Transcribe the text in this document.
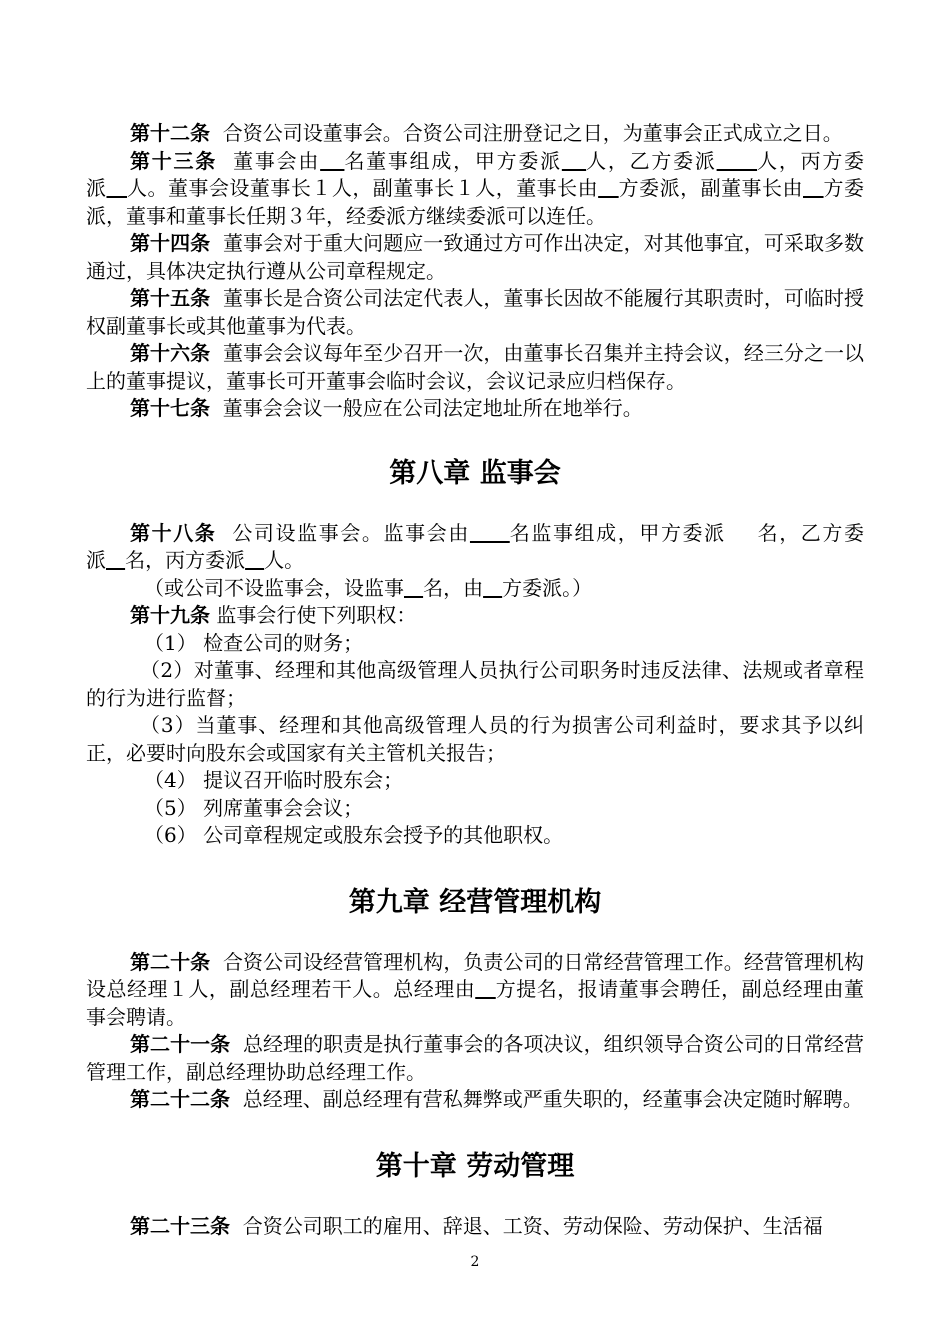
第十二条 合资公司设董事会。合资公司注册登记之日，为董事会正式成立之日。

第十三条 董事会由 名董事组成，甲方委派 人，乙方委派 人，丙方委派 人。董事会设董事长１人，副董事长１人，董事长由 方委派，副董事长由 方委派，董事和董事长任期３年，经委派方继续委派可以连任。

第十四条 董事会对于重大问题应一致通过方可作出决定，对其他事宜，可采取多数通过，具体决定执行遵从公司章程规定。

第十五条 董事长是合资公司法定代表人，董事长因故不能履行其职责时，可临时授权副董事长或其他董事为代表。

第十六条 董事会会议每年至少召开一次，由董事长召集并主持会议，经三分之一以上的董事提议，董事长可开董事会临时会议，会议记录应归档保存。

第十七条 董事会会议一般应在公司法定地址所在地举行。

第八章 监事会

第十八条 公司设监事会。监事会由 名监事组成，甲方委派 名，乙方委派 名，丙方委派 人。

（或公司不设监事会，设监事 名，由 方委派。）

第十九条 监事会行使下列职权：

（1） 检查公司的财务；

（2）对董事、经理和其他高级管理人员执行公司职务时违反法律、法规或者章程的行为进行监督；

（3）当董事、经理和其他高级管理人员的行为损害公司利益时，要求其予以纠正，必要时向股东会或国家有关主管机关报告；

（4） 提议召开临时股东会；

（5） 列席董事会会议；

（6） 公司章程规定或股东会授予的其他职权。

第九章 经营管理机构

第二十条 合资公司设经营管理机构，负责公司的日常经营管理工作。经营管理机构设总经理１人，副总经理若干人。总经理由 方提名，报请董事会聘任，副总经理由董事会聘请。

第二十一条 总经理的职责是执行董事会的各项决议，组织领导合资公司的日常经营管理工作，副总经理协助总经理工作。

第二十二条 总经理、副总经理有营私舞弊或严重失职的，经董事会决定随时解聘。

第十章 劳动管理

第二十三条 合资公司职工的雇用、辞退、工资、劳动保险、劳动保护、生活福

2
